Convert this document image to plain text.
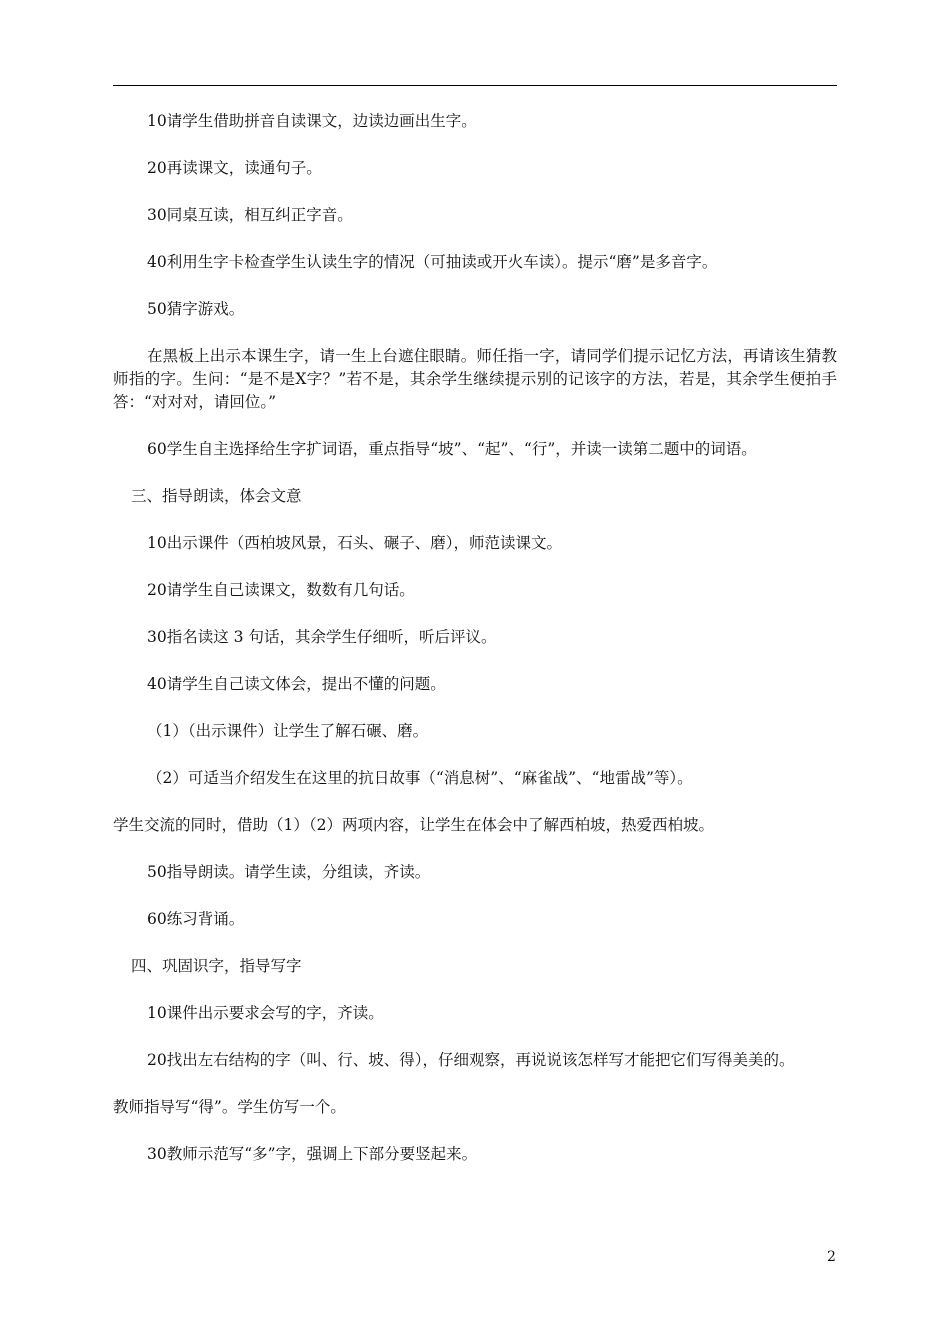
10请学生借助拼音自读课文，边读边画出生字。

20再读课文，读通句子。

30同桌互读，相互纠正字音。

40利用生字卡检查学生认读生字的情况（可抽读或开火车读）。提示“磨”是多音字。

50猜字游戏。

在黑板上出示本课生字，请一生上台遮住眼睛。师任指一字，请同学们提示记忆方法，再请该生猜教师指的字。生问：“是不是X字？”若不是，其余学生继续提示别的记该字的方法，若是，其余学生便拍手答：“对对对，请回位。”

60学生自主选择给生字扩词语，重点指导“坡”、“起”、“行”，并读一读第二题中的词语。

三、指导朗读，体会文意

10出示课件（西柏坡风景，石头、碾子、磨），师范读课文。

20请学生自己读课文，数数有几句话。

30指名读这 3 句话，其余学生仔细听，听后评议。

40请学生自己读文体会，提出不懂的问题。

（1）（出示课件）让学生了解石碾、磨。

（2）可适当介绍发生在这里的抗日故事（“消息树”、“麻雀战”、“地雷战”等）。

学生交流的同时，借助（1）（2）两项内容，让学生在体会中了解西柏坡，热爱西柏坡。

50指导朗读。请学生读，分组读，齐读。

60练习背诵。

四、巩固识字，指导写字

10课件出示要求会写的字，齐读。

20找出左右结构的字（叫、行、坡、得），仔细观察，再说说该怎样写才能把它们写得美美的。

教师指导写“得”。学生仿写一个。

30教师示范写“多”字，强调上下部分要竖起来。

2
